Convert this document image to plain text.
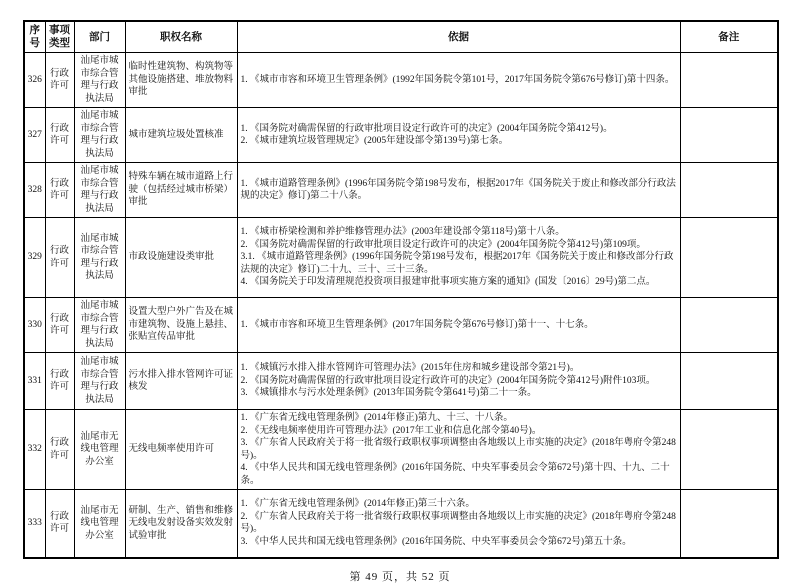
序号	事项类型	部门	职权名称	依据	备注
326	行政许可	汕尾市城市综合管理与行政执法局	临时性建筑物、构筑物等其他设施搭建、堆放物料审批	1. 《城市市容和环境卫生管理条例》(1992年国务院令第101号，2017年国务院令第676号修订)第十四条。	

327	行政许可	汕尾市城市综合管理与行政执法局	城市建筑垃圾处置核准	1. 《国务院对确需保留的行政审批项目设定行政许可的决定》(2004年国务院令第412号)。
2. 《城市建筑垃圾管理规定》(2005年建设部令第139号)第七条。	

328	行政许可	汕尾市城市综合管理与行政执法局	特殊车辆在城市道路上行驶（包括经过城市桥梁）审批	1. 《城市道路管理条例》(1996年国务院令第198号发布，根据2017年《国务院关于废止和修改部分行政法规的决定》修订)第二十八条。	

329	行政许可	汕尾市城市综合管理与行政执法局	市政设施建设类审批	1. 《城市桥梁检测和养护维修管理办法》(2003年建设部令第118号)第十八条。
2. 《国务院对确需保留的行政审批项目设定行政许可的决定》(2004年国务院令第412号)第109项。
3.1. 《城市道路管理条例》(1996年国务院令第198号发布，根据2017年《国务院关于废止和修改部分行政法规的决定》修订)二十九、三十、三十三条。
4. 《国务院关于印发清理规范投资项目报建审批事项实施方案的通知》(国发〔2016〕29号)第二点。	

330	行政许可	汕尾市城市综合管理与行政执法局	设置大型户外广告及在城市建筑物、设施上悬挂、张贴宣传品审批	1. 《城市市容和环境卫生管理条例》(2017年国务院令第676号修订)第十一、十七条。	

331	行政许可	汕尾市城市综合管理与行政执法局	污水排入排水管网许可证核发	1. 《城镇污水排入排水管网许可管理办法》(2015年住房和城乡建设部令第21号)。
2. 《国务院对确需保留的行政审批项目设定行政许可的决定》(2004年国务院令第412号)附件103项。
3. 《城镇排水与污水处理条例》(2013年国务院令第641号)第二十一条。	

332	行政许可	汕尾市无线电管理办公室	无线电频率使用许可	1. 《广东省无线电管理条例》(2014年修正)第九、十三、十八条。
2. 《无线电频率使用许可管理办法》(2017年工业和信息化部令第40号)。
3. 《广东省人民政府关于将一批省级行政职权事项调整由各地级以上市实施的决定》(2018年粤府令第248号)。
4. 《中华人民共和国无线电管理条例》(2016年国务院、中央军事委员会令第672号)第十四、十九、二十条。	

333	行政许可	汕尾市无线电管理办公室	研制、生产、销售和维修无线电发射设备实效发射试验审批	1. 《广东省无线电管理条例》(2014年修正)第三十六条。
2. 《广东省人民政府关于将一批省级行政职权事项调整由各地级以上市实施的决定》(2018年粤府令第248号)。
3. 《中华人民共和国无线电管理条例》(2016年国务院、中央军事委员会令第672号)第五十条。	

第 49 页，共 52 页
